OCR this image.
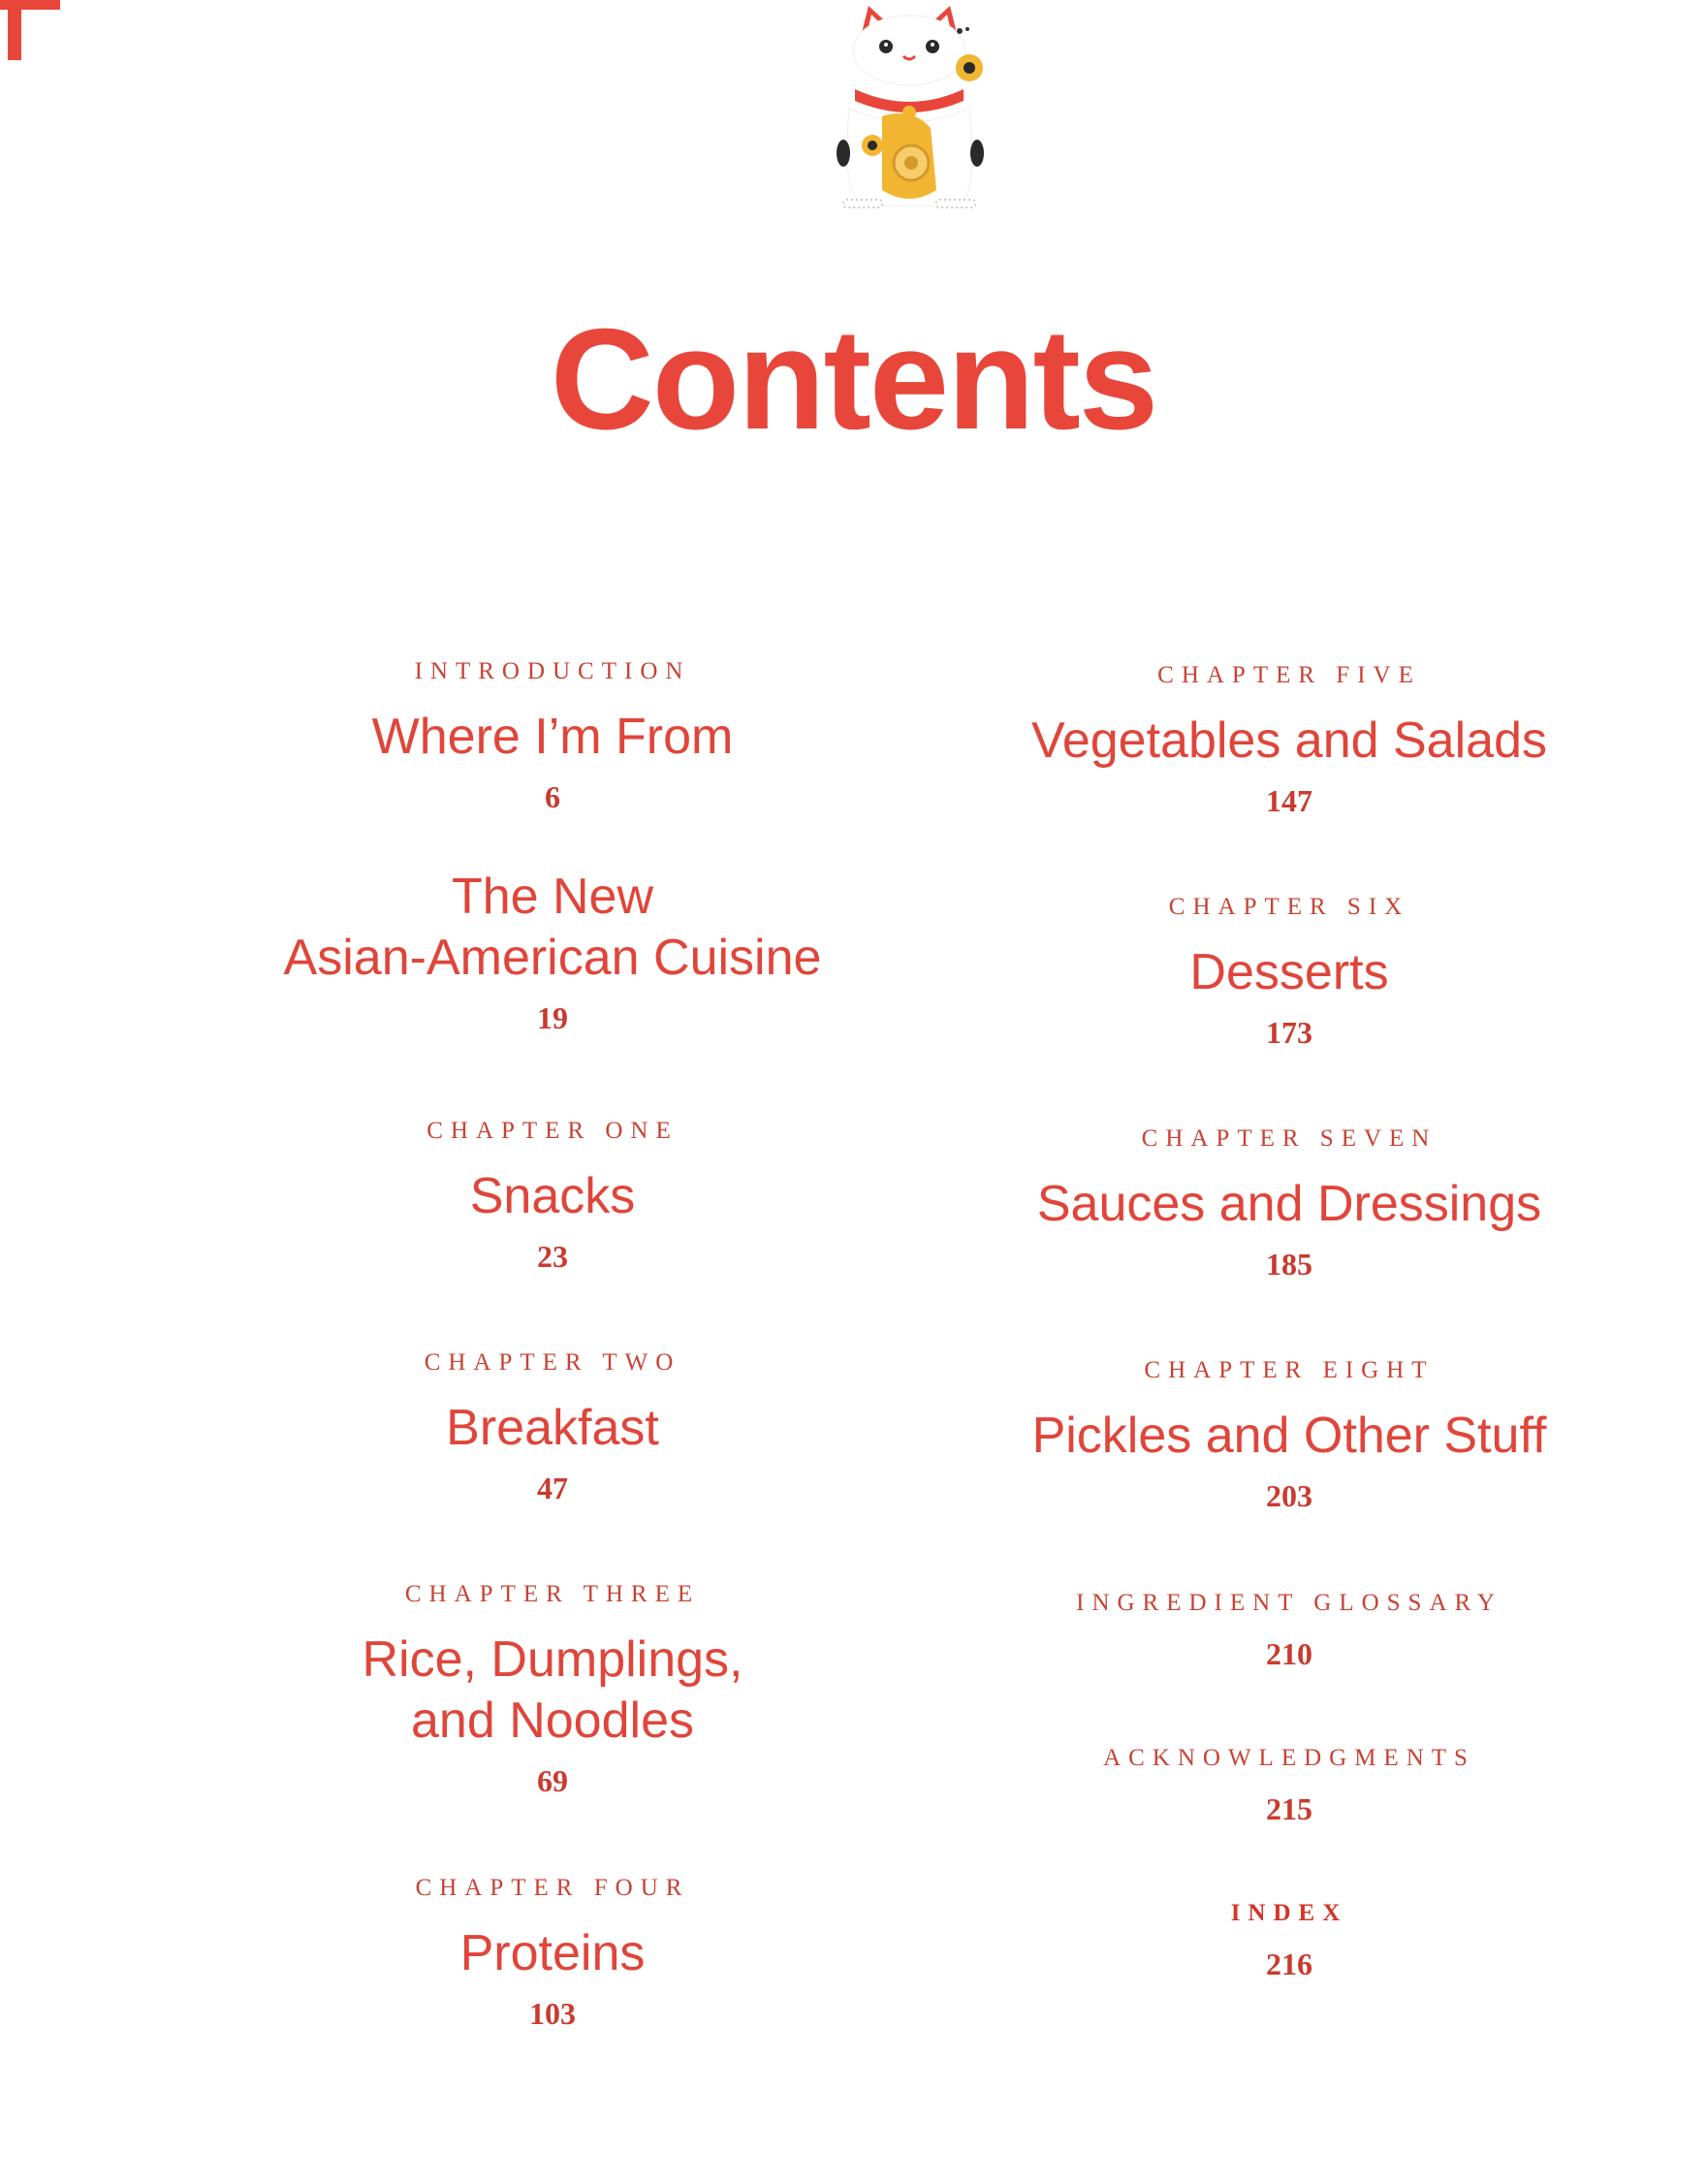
Contents
INTRODUCTION
Where I’m From
6
The New
Asian-American Cuisine
19
CHAPTER ONE
Snacks
23
CHAPTER TWO
Breakfast
47
CHAPTER THREE
Rice, Dumplings,
and Noodles
69
CHAPTER FOUR
Proteins
103
CHAPTER FIVE
Vegetables and Salads
147
CHAPTER SIX
Desserts
173
CHAPTER SEVEN
Sauces and Dressings
185
CHAPTER EIGHT
Pickles and Other Stuff
203
INGREDIENT GLOSSARY
210
ACKNOWLEDGMENTS
215
INDEX
216
